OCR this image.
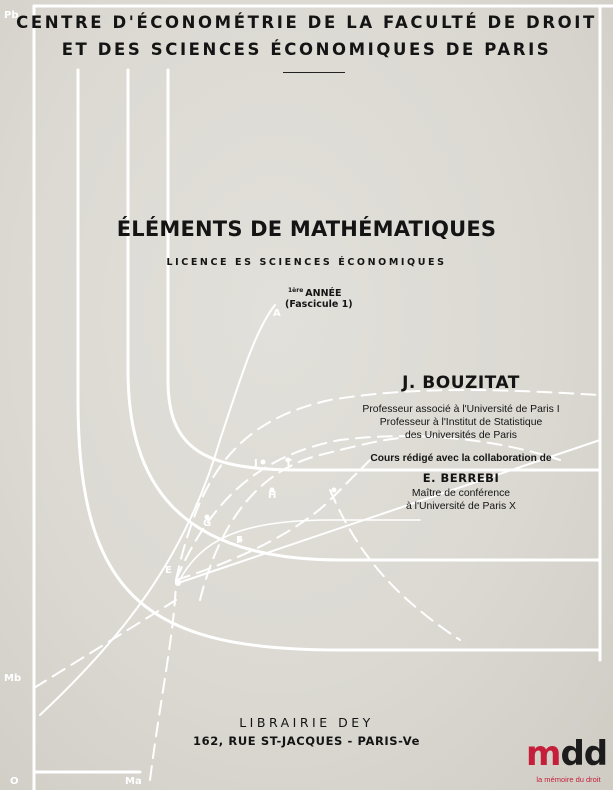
Pb
Mb
O	Ma
A
E
F
G
H
J	T
CENTRE D'ÉCONOMÉTRIE DE LA FACULTÉ DE DROIT
ET DES SCIENCES ÉCONOMIQUES DE PARIS
ÉLÉMENTS DE MATHÉMATIQUES
LICENCE ES SCIENCES ÉCONOMIQUES
$^{1ère}$ ANNÉE
(Fascicule 1)
J. BOUZITAT
Professeur associé à l'Université de Paris I
Professeur à l'Institut de Statistique
des Universités de Paris
Cours rédigé avec la collaboration de
E. BERREBI
Maître de conférence
à l'Université de Paris X
LIBRAIRIE DEY
162, RUE ST-JACQUES - PARIS-Ve	mdd
la mémoire du droit
